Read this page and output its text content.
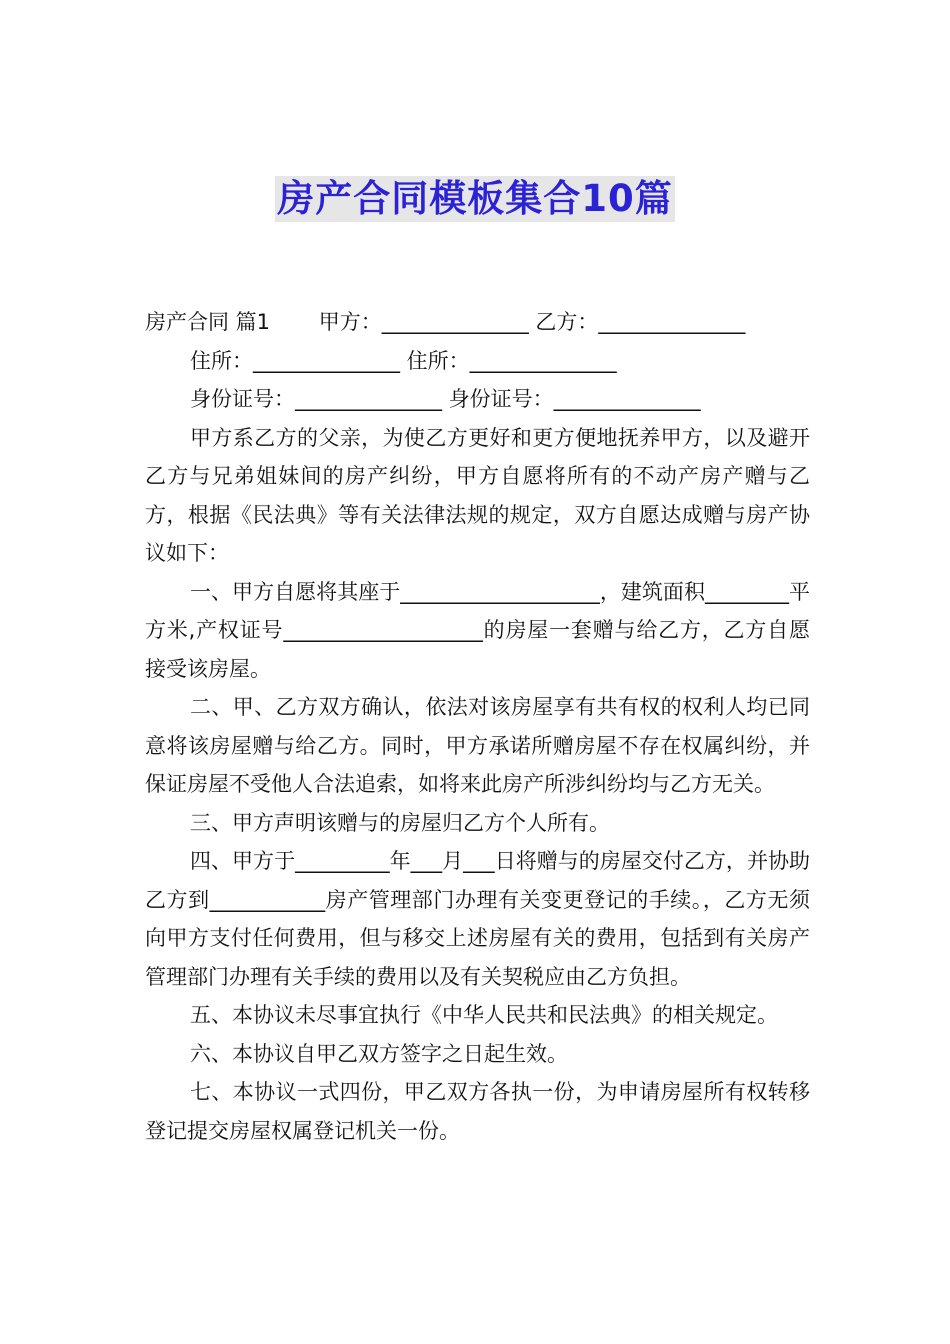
房产合同模板集合10篇
房产合同 篇1　　 甲方：______________ 乙方：______________
住所：______________ 住所：______________
身份证号：______________ 身份证号：______________
甲方系乙方的父亲，为使乙方更好和更方便地抚养甲方，以及避开乙方与兄弟姐妹间的房产纠纷，甲方自愿将所有的不动产房产赠与乙方，根据《民法典》等有关法律法规的规定，双方自愿达成赠与房产协议如下：
一、甲方自愿将其座于___________________，建筑面积________平方米,产权证号___________________的房屋一套赠与给乙方，乙方自愿接受该房屋。
二、甲、乙方双方确认，依法对该房屋享有共有权的权利人均已同意将该房屋赠与给乙方。同时，甲方承诺所赠房屋不存在权属纠纷，并保证房屋不受他人合法追索，如将来此房产所涉纠纷均与乙方无关。
三、甲方声明该赠与的房屋归乙方个人所有。
四、甲方于_________年___月___日将赠与的房屋交付乙方，并协助乙方到___________房产管理部门办理有关变更登记的手续。，乙方无须向甲方支付任何费用，但与移交上述房屋有关的费用，包括到有关房产管理部门办理有关手续的费用以及有关契税应由乙方负担。
五、本协议未尽事宜执行《中华人民共和民法典》的相关规定。
六、本协议自甲乙双方签字之日起生效。
七、本协议一式四份，甲乙双方各执一份，为申请房屋所有权转移登记提交房屋权属登记机关一份。
